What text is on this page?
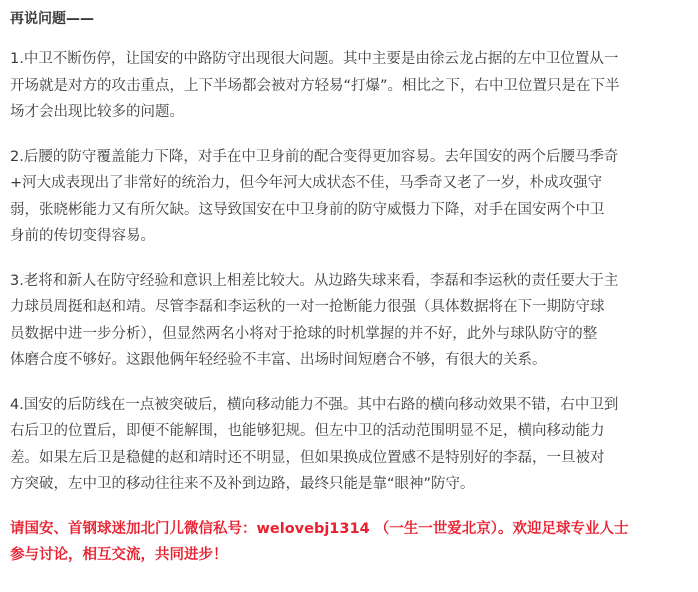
再说问题——
1.中卫不断伤停，让国安的中路防守出现很大问题。其中主要是由徐云龙占据的左中卫位置从一
开场就是对方的攻击重点，上下半场都会被对方轻易“打爆”。相比之下，右中卫位置只是在下半
场才会出现比较多的问题。
2.后腰的防守覆盖能力下降，对手在中卫身前的配合变得更加容易。去年国安的两个后腰马季奇
+河大成表现出了非常好的统治力，但今年河大成状态不佳，马季奇又老了一岁，朴成攻强守
弱，张晓彬能力又有所欠缺。这导致国安在中卫身前的防守威慑力下降，对手在国安两个中卫
身前的传切变得容易。
3.老将和新人在防守经验和意识上相差比较大。从边路失球来看，李磊和李运秋的责任要大于主
力球员周挺和赵和靖。尽管李磊和李运秋的一对一抢断能力很强（具体数据将在下一期防守球
员数据中进一步分析），但显然两名小将对于抢球的时机掌握的并不好，此外与球队防守的整
体磨合度不够好。这跟他俩年轻经验不丰富、出场时间短磨合不够，有很大的关系。
4.国安的后防线在一点被突破后，横向移动能力不强。其中右路的横向移动效果不错，右中卫到
右后卫的位置后，即便不能解围，也能够犯规。但左中卫的活动范围明显不足，横向移动能力
差。如果左后卫是稳健的赵和靖时还不明显，但如果换成位置感不是特别好的李磊，一旦被对
方突破，左中卫的移动往往来不及补到边路，最终只能是靠“眼神”防守。
请国安、首钢球迷加北门儿微信私号：welovebj1314 （一生一世爱北京）。欢迎足球专业人士
参与讨论，相互交流，共同进步！
